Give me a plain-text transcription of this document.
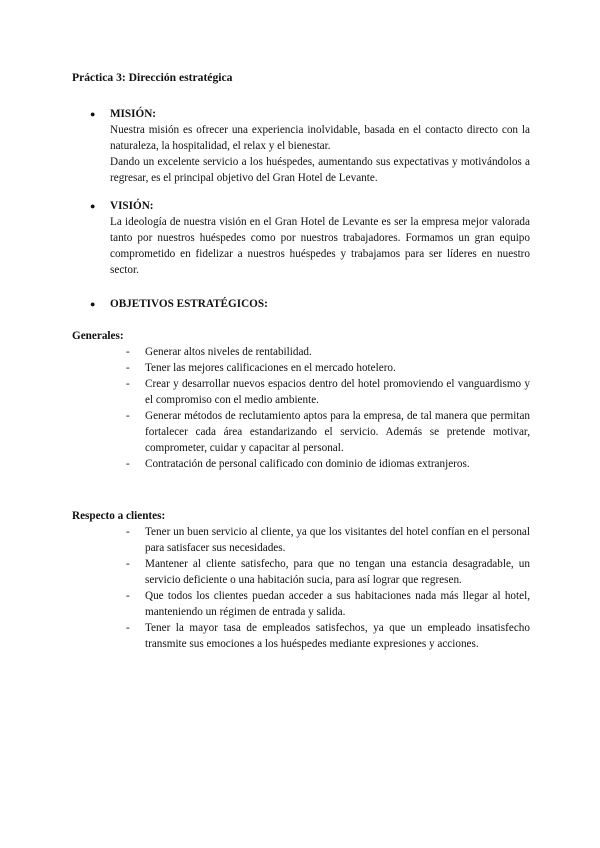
Práctica 3: Dirección estratégica
●	MISIÓN:

Nuestra misión es ofrecer una experiencia inolvidable, basada en el contacto directo con la naturaleza, la hospitalidad, el relax y el bienestar.

Dando un excelente servicio a los huéspedes, aumentando sus expectativas y motivándolos a regresar, es el principal objetivo del Gran Hotel de Levante.

●	VISIÓN:

La ideología de nuestra visión en el Gran Hotel de Levante es ser la empresa mejor valorada tanto por nuestros huéspedes como por nuestros trabajadores. Formamos un gran equipo comprometido en fidelizar a nuestros huéspedes y trabajamos para ser líderes en nuestro sector.

●	OBJETIVOS ESTRATÉGICOS:
Generales:
- Generar altos niveles de rentabilidad.
- Tener las mejores calificaciones en el mercado hotelero.
- Crear y desarrollar nuevos espacios dentro del hotel promoviendo el vanguardismo y el compromiso con el medio ambiente.
- Generar métodos de reclutamiento aptos para la empresa, de tal manera que permitan fortalecer cada área estandarizando el servicio. Además se pretende motivar, comprometer, cuidar y capacitar al personal.
- Contratación de personal calificado con dominio de idiomas extranjeros.
Respecto a clientes:
- Tener un buen servicio al cliente, ya que los visitantes del hotel confían en el personal para satisfacer sus necesidades.
- Mantener al cliente satisfecho, para que no tengan una estancia desagradable, un servicio deficiente o una habitación sucia, para así lograr que regresen.
- Que todos los clientes puedan acceder a sus habitaciones nada más llegar al hotel, manteniendo un régimen de entrada y salida.
- Tener la mayor tasa de empleados satisfechos, ya que un empleado insatisfecho transmite sus emociones a los huéspedes mediante expresiones y acciones.
